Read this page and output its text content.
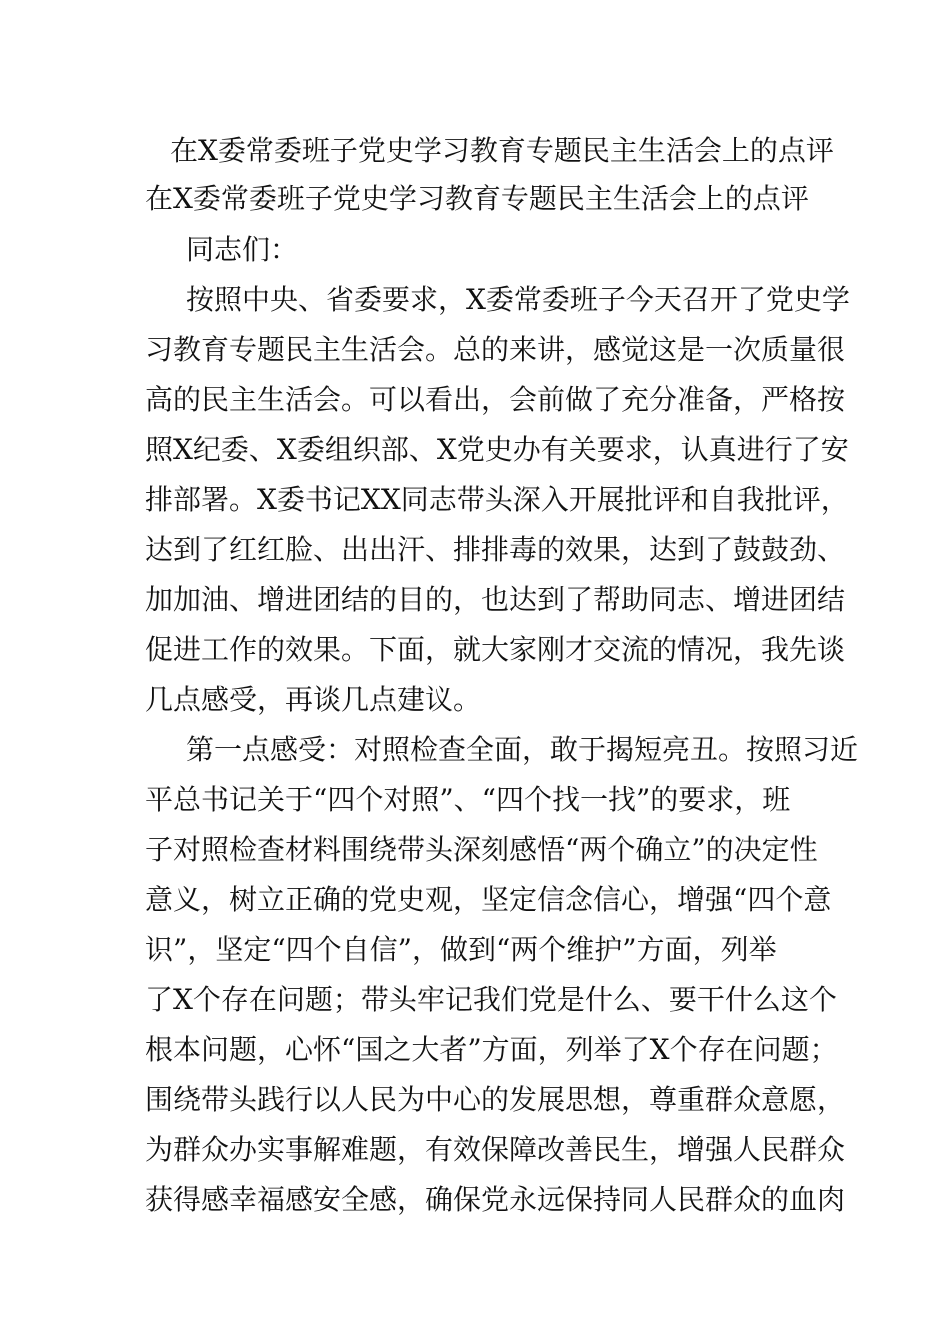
在X委常委班子党史学习教育专题民主生活会上的点评
在X委常委班子党史学习教育专题民主生活会上的点评
同志们：
按照中央、省委要求，X委常委班子今天召开了党史学
习教育专题民主生活会。总的来讲，感觉这是一次质量很
高的民主生活会。可以看出，会前做了充分准备，严格按
照X纪委、X委组织部、X党史办有关要求，认真进行了安
排部署。X委书记XX同志带头深入开展批评和自我批评，
达到了红红脸、出出汗、排排毒的效果，达到了鼓鼓劲、
加加油、增进团结的目的，也达到了帮助同志、增进团结
促进工作的效果。下面，就大家刚才交流的情况，我先谈
几点感受，再谈几点建议。
第一点感受：对照检查全面，敢于揭短亮丑。按照习近
平总书记关于“四个对照”、“四个找一找”的要求，班
子对照检查材料围绕带头深刻感悟“两个确立”的决定性
意义，树立正确的党史观，坚定信念信心，增强“四个意
识”，坚定“四个自信”，做到“两个维护”方面，列举
了X个存在问题；带头牢记我们党是什么、要干什么这个
根本问题，心怀“国之大者”方面，列举了X个存在问题；
围绕带头践行以人民为中心的发展思想，尊重群众意愿，
为群众办实事解难题，有效保障改善民生，增强人民群众
获得感幸福感安全感，确保党永远保持同人民群众的血肉
